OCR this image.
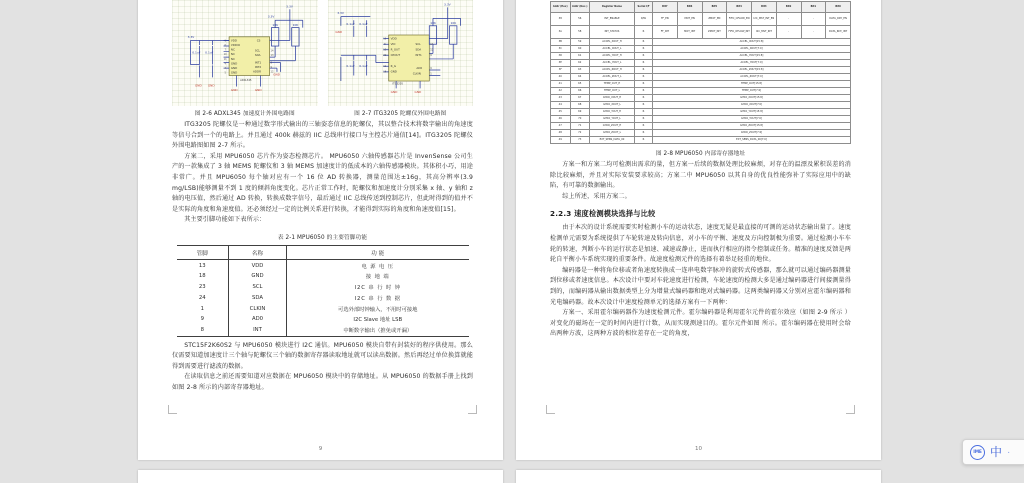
GND GND
GND	GND
GND
3.3V
3.3V
3.3V
0.1uF 0.1uF
10K	10K
VDD
VDDIO
NC
NC
NC
GND
GND
GND
CS
SCL
SDA
INT1
INT2
ADDR
ADXL345
1
6
7
10
11
4
4
5
7
14
13
8
9
12
GND
GND	GND
3.3V
3.3V
0.1uF 0.1uF
0.1uF 0.1uF
10K	10K
VDD
VIO
R_OUT
CPOUT
R_G
GND
SCL
SDA
INT1
AD0
CLKIN
ITG3205
13
8
10
20
11
18
14
12
9
9
1
图 2-6 ADXL345 加速度计外围电路图	图 2-7 ITG3205 陀螺仪外围电路图

ITG3205 陀螺仪是一种通过数字形式输出的三轴姿态信息的陀螺仪，其以整合技术将数字输出的角速度等信号合到一个的电路上。并且通过 400k 赫兹的 IIC 总线串行接口与主控芯片通信[14]。ITG3205 陀螺仪外围电路图如图 2-7 所示。

方案二，采用 MPU6050 芯片作为姿态检测芯片。 MPU6050 六轴传感器芯片是 InvenSense 公司生产的一款集成了 3 轴 MEMS 陀螺仪和 3 轴 MEMS 加速度计的低成本的六轴传感器模块。其体积小巧，用途非常广。并且 MPU6050 每个轴对应有一个 16 位 AD 转换器，测量范围达±16g，其高分辨率(3.9 mg/LSB)能够测量不到 1 度的倾斜角度变化。芯片正常工作时，陀螺仪和加速度计分别采集 x 轴、y 轴和 z 轴的电压值，然后通过 AD 转换，转换成数字信号，最后通过 IIC 总线传送到控制芯片，但此时得到的值并不是实际的角度和角速度值。还必须经过一定的比例关系进行转换，才能得到实际的角度和角速度值[15]。

其主要引脚功能如下表所示：

表 2-1 MPU6050 的主要管脚功能
管脚	名称	功 能
13	VDD	电 源 电 压
18	GND	接 地 端
23	SCL	I2C 串 行 时 钟
24	SDA	I2C 串 行 数 据
1	CLKIN	可选外部时钟输入，不用时可接地
9	AD0	I2C Slave 地址 LSB
8	INT	中断数字输出（推免或开漏）

STC15F2K60S2 与 MPU6050 模块进行 I2C 通信。MPU6050 模块自带有封装好的程序供使用。那么仅需要知道加速度计三个轴与陀螺仪三个轴的数据寄存器读取地址就可以读出数据。然后再经过单位换算就能得到需要进行滤波的数据。

在读取信息之前还需要知道对应数据在 MPU6050 模块中的存储地址。从 MPU6050 的数据手册上找到如图 2-8 所示的内部寄存器地址。

9
Addr (Hex)	Addr (Dec.)	Register Name	Serial I/F	Bit7	Bit6	Bit5	Bit4	Bit3	Bit2	Bit1	Bit0
38	56	INT_ENABLE	R/W	FF_​EN	MOT_​EN	ZMOT_​EN	FIFO_​OFLOW_​EN	I2C_​MST_​INT_​EN	-	-	DATA_​RDY_​EN
3A	58	INT_STATUS	R	FF_​INT	MOT_​INT	ZMOT_​INT	FIFO_​OFLOW_​INT	I2C_​MST_​INT	-	-	DATA_​RDY_​INT
3B	59	ACCEL_XOUT_H	R	ACCEL_XOUT[15:8]							
3C	60	ACCEL_XOUT_L	R	ACCEL_XOUT[7:0]							
3D	61	ACCEL_YOUT_H	R	ACCEL_YOUT[15:8]							
3E	62	ACCEL_YOUT_L	R	ACCEL_YOUT[7:0]							
3F	63	ACCEL_ZOUT_H	R	ACCEL_ZOUT[15:8]							
40	64	ACCEL_ZOUT_L	R	ACCEL_ZOUT[7:0]							
41	65	TEMP_OUT_H	R	TEMP_OUT[15:8]							
42	66	TEMP_OUT_L	R	TEMP_OUT[7:0]							
43	67	GYRO_XOUT_H	R	GYRO_XOUT[15:8]							
44	68	GYRO_XOUT_L	R	GYRO_XOUT[7:0]							
45	69	GYRO_YOUT_H	R	GYRO_YOUT[15:8]							
46	70	GYRO_YOUT_L	R	GYRO_YOUT[7:0]							
47	71	GYRO_ZOUT_H	R	GYRO_ZOUT[15:8]							
48	72	GYRO_ZOUT_L	R	GYRO_ZOUT[7:0]							
49	73	EXT_SENS_DATA_00	R	EXT_SENS_DATA_00[7:0]							
图 2-8 MPU6050 内部寄存器地址

方案一和方案二均可检测出需求的量，但方案一后续的数据处理比较麻烦，对存在的温漂及累积误差的消除比较麻烦，并且对实际安装要求较高；方案二中 MPU6050 以其自身的优良性能弥补了实际应用中的缺陷，有可靠的数据输出。

综上所述，采用方案二。

2.2.3 速度检测模块选择与比较

由于本次的设计系统需要实时检测小车的运动状态，速度无疑是最直接的可测的运动状态输出量了。速度检测单元需要为系统提供了车轮转速及转向信息，对小车的平衡、速度及方向控制极为重要。通过检测小车车轮的转速，判断小车的运行状态是加速、减速或静止，进而执行相应的指令控制或任务。精准的速度反馈是两轮自平衡小车系统实现的重要条件。故速度检测元件的选择有着举足轻重的地位。

编码器是一种将角位移或者角速度转换成一连串电数字脉冲的旋转式传感器，那么就可以通过编码器测量到位移或者速度信息。本次设计中要对车轮速度进行检测，车轮速度的检测大多是通过编码器进行间接测量得到的，而编码器从输出数据类型上分为增量式编码器和绝对式编码器。这两类编码器又分别对应霍尔编码器和光电编码器。故本次设计中速度检测单元的选择方案有一下两种：

方案一、采用霍尔编码器作为速度检测元件。霍尔编码器是利用霍尔元件的霍尔效应（如图 2-9 所示 ）对变化的磁场在一定的时间内进行计数，从而实现测速目的。霍尔元件如图 所示。霍尔编码器在使用时会给出两种方波，这两种方波的相位差存在一定的角度，

10	IME 中 ·
